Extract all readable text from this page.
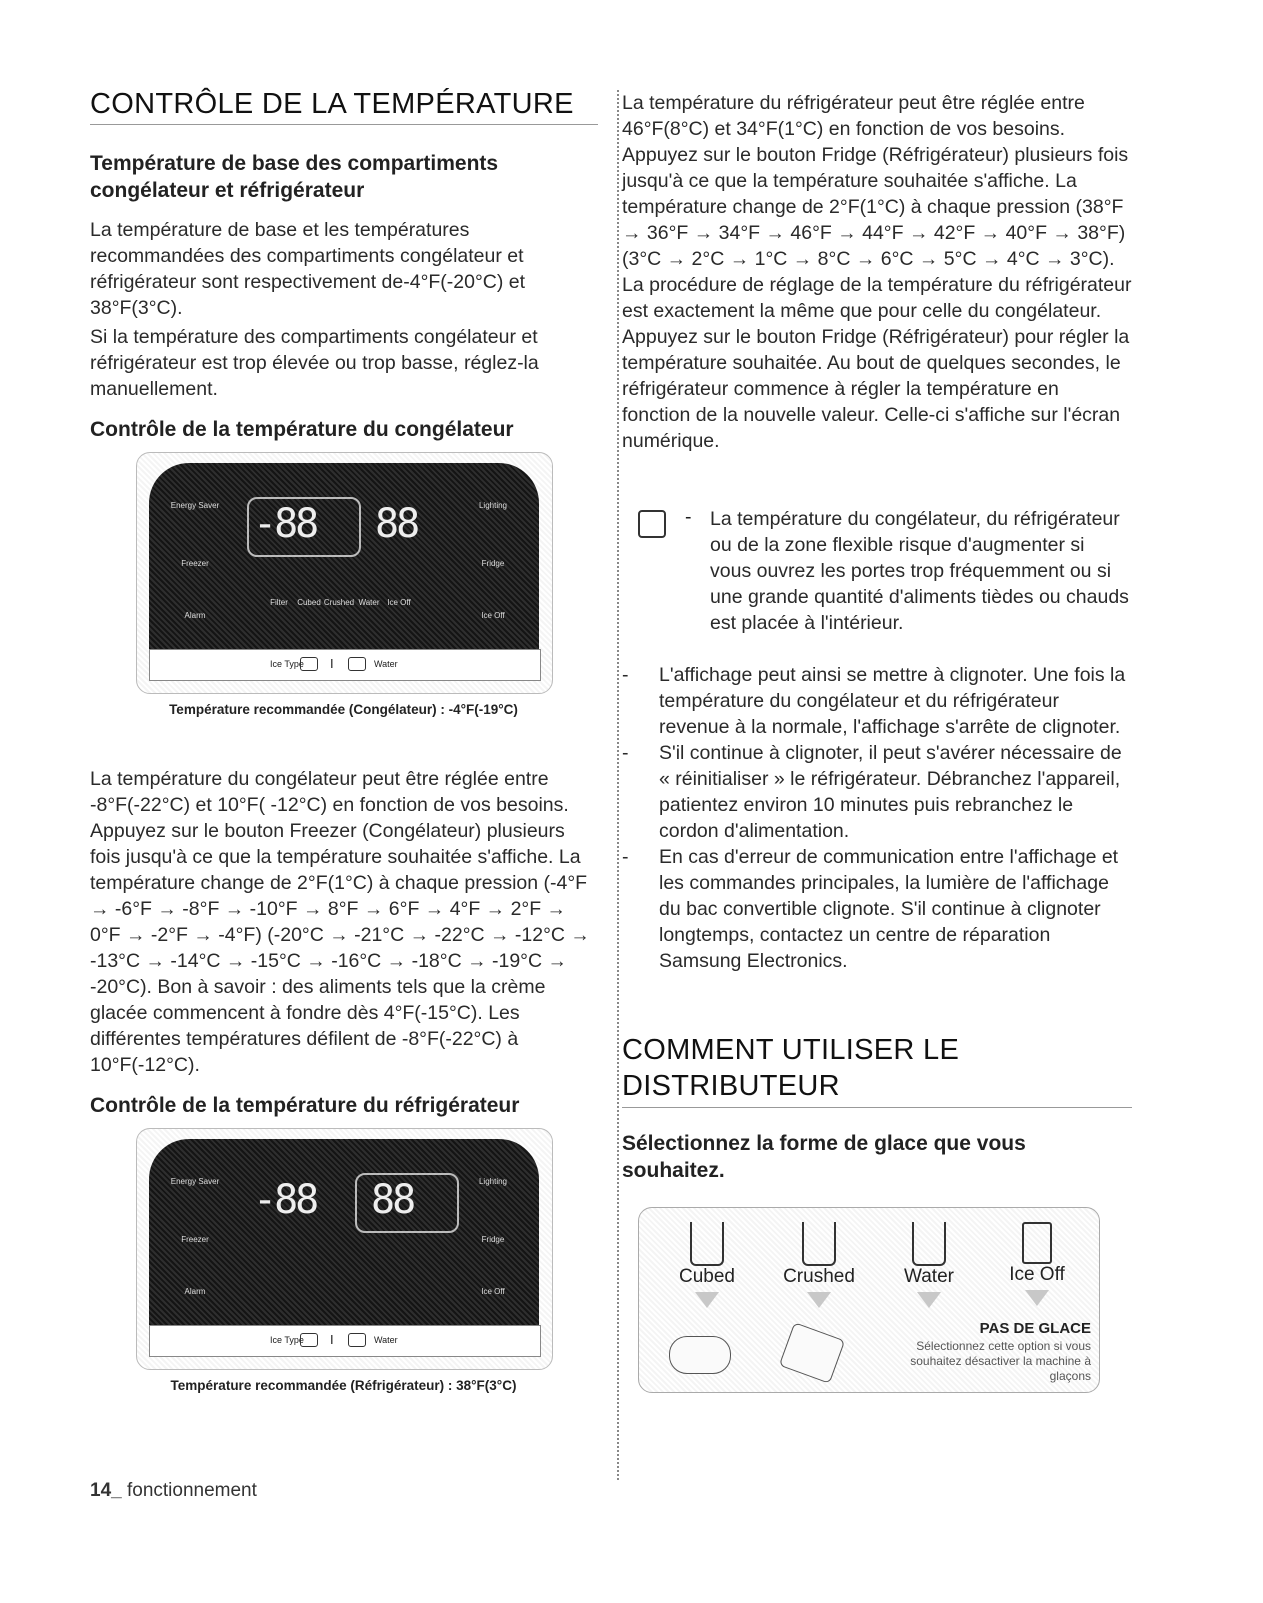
CONTRÔLE DE LA TEMPÉRATURE
Température de base des compartiments congélateur et réfrigérateur

La température de base et les températures recommandées des compartiments congélateur et réfrigérateur sont respectivement de-4°F(-20°C) et 38°F(3°C).

Si la température des compartiments congélateur et réfrigérateur est trop élevée ou trop basse, réglez-la manuellement.

Contrôle de la température du congélateur
Energy Saver
Freezer
Alarm
Lighting
Fridge
Ice Off
-88 88
Filter	Cubed Crushed Water Ice Off
Ice Type I	Water
Température recommandée (Congélateur) : -4°F(-19°C)

La température du congélateur peut être réglée entre -8°F(-22°C) et 10°F( -12°C) en fonction de vos besoins. Appuyez sur le bouton Freezer (Congélateur) plusieurs fois jusqu'à ce que la température souhaitée s'affiche. La température change de 2°F(1°C) à chaque pression (-4°F → -6°F → -8°F → -10°F → 8°F → 6°F → 4°F → 2°F → 0°F → -2°F → -4°F) (-20°C → -21°C → -22°C → -12°C → -13°C → -14°C → -15°C → -16°C → -18°C → -19°C → -20°C). Bon à savoir : des aliments tels que la crème glacée commencent à fondre dès 4°F(-15°C). Les différentes températures défilent de -8°F(-22°C) à 10°F(-12°C).

Contrôle de la température du réfrigérateur
Energy Saver
Freezer
Alarm
Lighting
Fridge
Ice Off
-88 88
Ice Type I	Water
Température recommandée (Réfrigérateur) : 38°F(3°C)

La température du réfrigérateur peut être réglée entre 46°F(8°C) et 34°F(1°C) en fonction de vos besoins. Appuyez sur le bouton Fridge (Réfrigérateur) plusieurs fois jusqu'à ce que la température souhaitée s'affiche. La température change de 2°F(1°C) à chaque pression (38°F → 36°F → 34°F → 46°F → 44°F → 42°F → 40°F → 38°F) (3°C → 2°C → 1°C → 8°C → 6°C → 5°C → 4°C → 3°C). La procédure de réglage de la température du réfrigérateur est exactement la même que pour celle du congélateur. Appuyez sur le bouton Fridge (Réfrigérateur) pour régler la température souhaitée. Au bout de quelques secondes, le réfrigérateur commence à régler la température en fonction de la nouvelle valeur. Celle-ci s'affiche sur l'écran numérique.

- La température du congélateur, du réfrigérateur ou de la zone flexible risque d'augmenter si vous ouvrez les portes trop fréquemment ou si une grande quantité d'aliments tièdes ou chauds est placée à l'intérieur.

- L'affichage peut ainsi se mettre à clignoter. Une fois la température du congélateur et du réfrigérateur revenue à la normale, l'affichage s'arrête de clignoter.
- S'il continue à clignoter, il peut s'avérer nécessaire de « réinitialiser » le réfrigérateur. Débranchez l'appareil, patientez environ 10 minutes puis rebranchez le cordon d'alimentation.
- En cas d'erreur de communication entre l'affichage et les commandes principales, la lumière de l'affichage du bac convertible clignote. S'il continue à clignoter longtemps, contactez un centre de réparation Samsung Electronics.
COMMENT UTILISER LE DISTRIBUTEUR
Sélectionnez la forme de glace que vous souhaitez.
Cubed	Crushed	Water	Ice Off
PAS DE GLACE
Sélectionnez cette option si vous souhaitez désactiver la machine à glaçons
14_ fonctionnement
